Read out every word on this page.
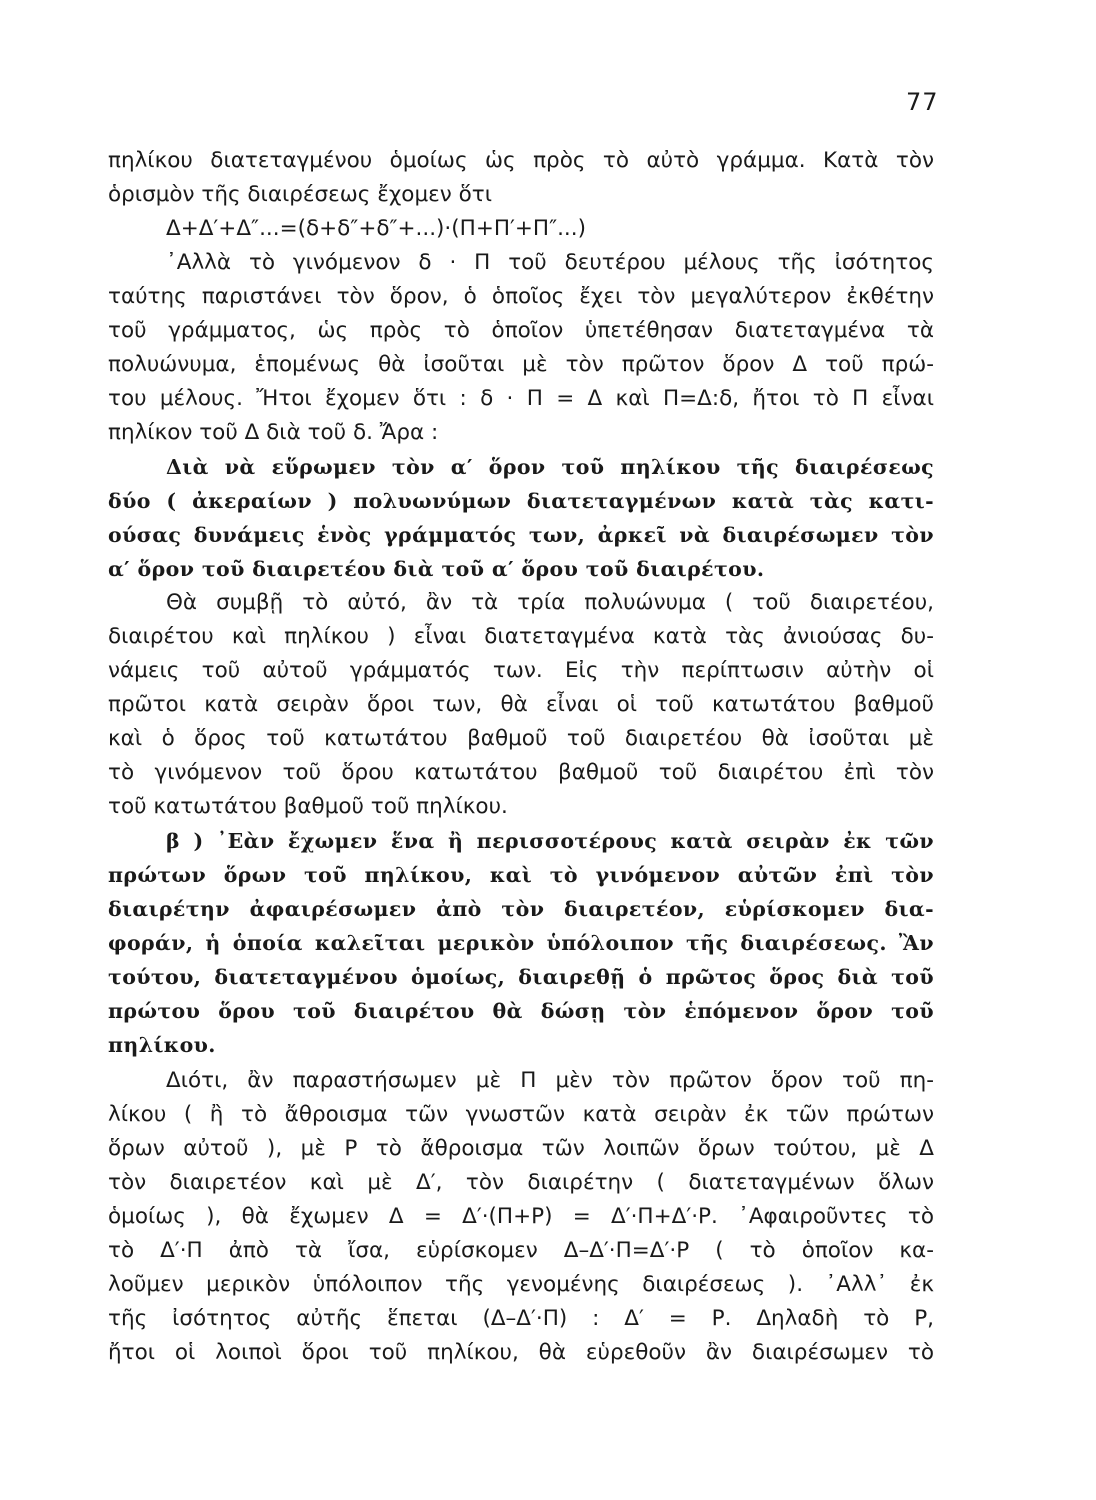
77
πηλίκου διατεταγμένου ὁμοίως ὡς πρὸς τὸ αὐτὸ γράμμα. Κατὰ τὸν
ὁρισμὸν τῆς διαιρέσεως ἔχομεν ὅτι
Δ+Δ′+Δ″...=(δ+δ″+δ″+...)·(Π+Π′+Π″...)
᾿Αλλὰ τὸ γινόμενον δ · Π τοῦ δευτέρου μέλους τῆς ἰσότητος
ταύτης παριστάνει τὸν ὅρον, ὁ ὁποῖος ἔχει τὸν μεγαλύτερον ἐκθέτην
τοῦ γράμματος, ὡς πρὸς τὸ ὁποῖον ὑπετέθησαν διατεταγμένα τὰ
πολυώνυμα, ἑπομένως θὰ ἰσοῦται μὲ τὸν πρῶτον ὅρον Δ τοῦ πρώ-
του μέλους. Ἤτοι ἔχομεν ὅτι : δ · Π = Δ καὶ Π=Δ:δ, ἤτοι τὸ Π εἶναι
πηλίκον τοῦ Δ διὰ τοῦ δ. Ἄρα :
Διὰ νὰ εὕρωμεν τὸν α′ ὅρον τοῦ πηλίκου τῆς διαιρέσεως
δύο ( ἀκεραίων ) πολυωνύμων διατεταγμένων κατὰ τὰς κατι-
ούσας δυνάμεις ἑνὸς γράμματός των, ἀρκεῖ νὰ διαιρέσωμεν τὸν
α′ ὅρον τοῦ διαιρετέου διὰ τοῦ α′ ὅρου τοῦ διαιρέτου.
Θὰ συμβῇ τὸ αὐτό, ἂν τὰ τρία πολυώνυμα ( τοῦ διαιρετέου,
διαιρέτου καὶ πηλίκου ) εἶναι διατεταγμένα κατὰ τὰς ἀνιούσας δυ-
νάμεις τοῦ αὐτοῦ γράμματός των. Εἰς τὴν περίπτωσιν αὐτὴν οἱ
πρῶτοι κατὰ σειρὰν ὅροι των, θὰ εἶναι οἱ τοῦ κατωτάτου βαθμοῦ
καὶ ὁ ὅρος τοῦ κατωτάτου βαθμοῦ τοῦ διαιρετέου θὰ ἰσοῦται μὲ
τὸ γινόμενον τοῦ ὅρου κατωτάτου βαθμοῦ τοῦ διαιρέτου ἐπὶ τὸν
τοῦ κατωτάτου βαθμοῦ τοῦ πηλίκου.
β ) ᾿Εὰν ἔχωμεν ἕνα ἢ περισσοτέρους κατὰ σειρὰν ἐκ τῶν
πρώτων ὅρων τοῦ πηλίκου, καὶ τὸ γινόμενον αὐτῶν ἐπὶ τὸν
διαιρέτην ἀφαιρέσωμεν ἀπὸ τὸν διαιρετέον, εὑρίσκομεν δια-
φοράν, ἡ ὁποία καλεῖται μερικὸν ὑπόλοιπον τῆς διαιρέσεως. Ἂν
τούτου, διατεταγμένου ὁμοίως, διαιρεθῇ ὁ πρῶτος ὅρος διὰ τοῦ
πρώτου ὅρου τοῦ διαιρέτου θὰ δώσῃ τὸν ἑπόμενον ὅρον τοῦ
πηλίκου.
Διότι, ἂν παραστήσωμεν μὲ Π μὲν τὸν πρῶτον ὅρον τοῦ πη-
λίκου ( ἢ τὸ ἄθροισμα τῶν γνωστῶν κατὰ σειρὰν ἐκ τῶν πρώτων
ὅρων αὐτοῦ ), μὲ Ρ τὸ ἄθροισμα τῶν λοιπῶν ὅρων τούτου, μὲ Δ
τὸν διαιρετέον καὶ μὲ Δ′, τὸν διαιρέτην ( διατεταγμένων ὅλων
ὁμοίως ), θὰ ἔχωμεν Δ = Δ′·(Π+Ρ) = Δ′·Π+Δ′·Ρ. ᾿Αφαιροῦντες τὸ
τὸ Δ′·Π ἀπὸ τὰ ἴσα, εὑρίσκομεν Δ–Δ′·Π=Δ′·Ρ ( τὸ ὁποῖον κα-
λοῦμεν μερικὸν ὑπόλοιπον τῆς γενομένης διαιρέσεως ). ᾿Αλλ᾿ ἐκ
τῆς ἰσότητος αὐτῆς ἕπεται (Δ–Δ′·Π) : Δ′ = Ρ. Δηλαδὴ τὸ Ρ,
ἤτοι οἱ λοιποὶ ὅροι τοῦ πηλίκου, θὰ εὑρεθοῦν ἂν διαιρέσωμεν τὸ
